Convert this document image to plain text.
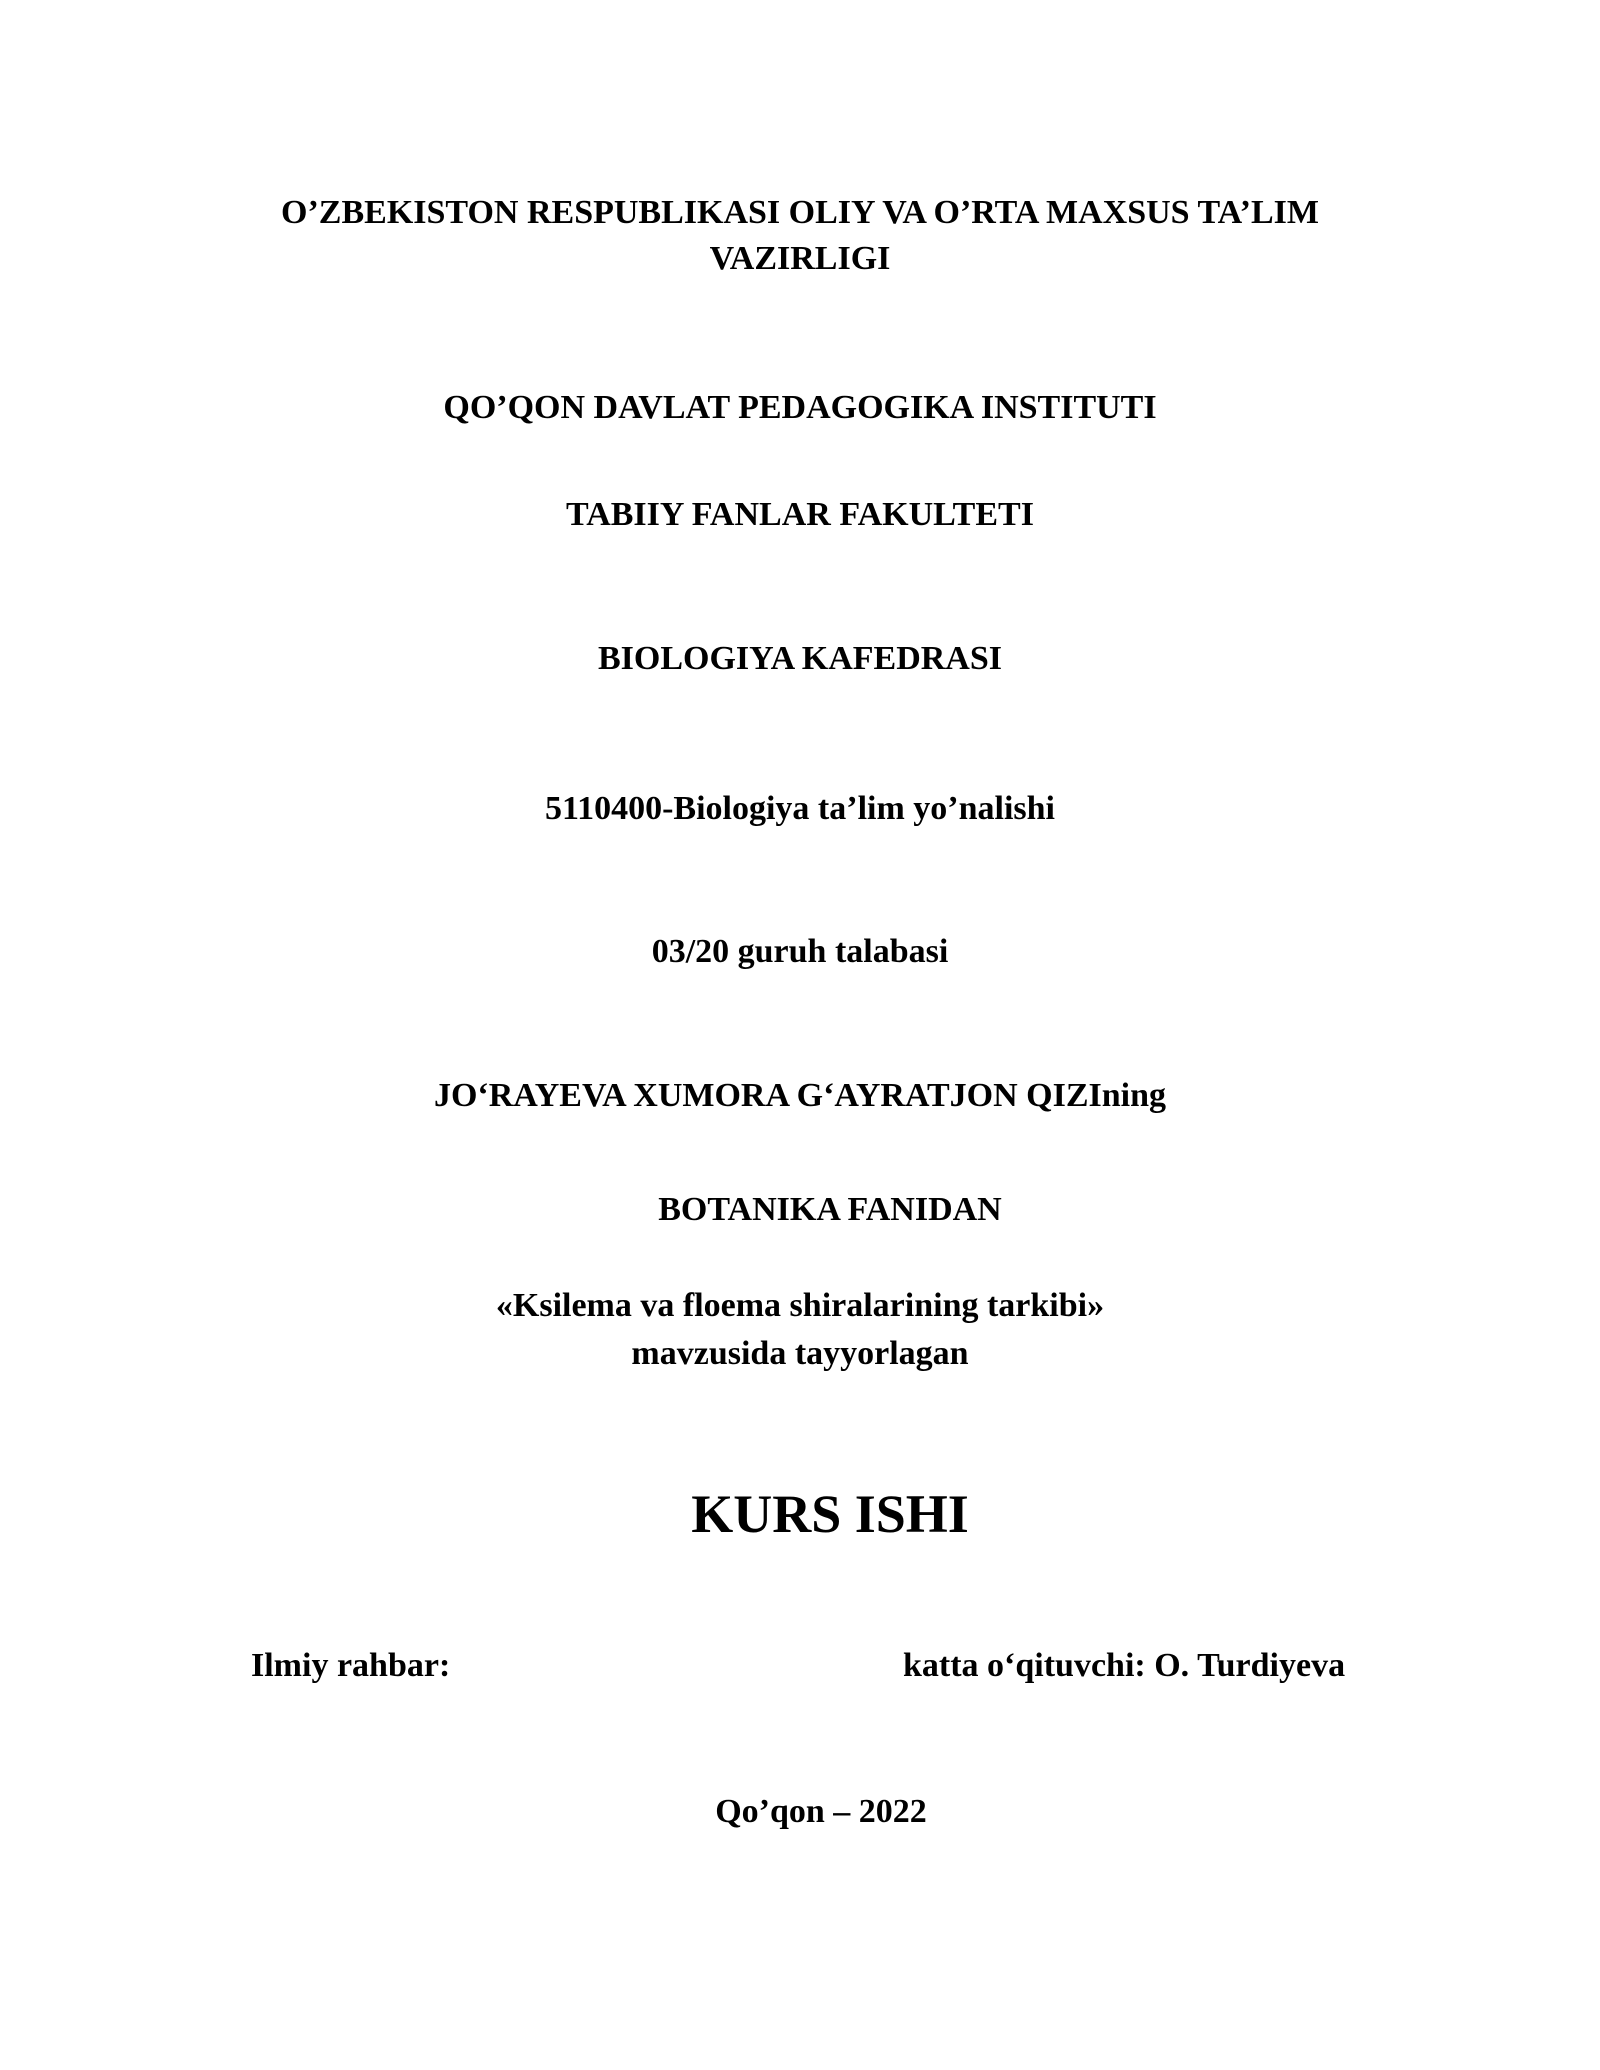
O’ZBEKISTON RESPUBLIKASI OLIY VA O’RTA MAXSUS TA’LIM
VAZIRLIGI
QO’QON DAVLAT PEDAGOGIKA INSTITUTI
TABIIY FANLAR FAKULTETI
BIOLOGIYA KAFEDRASI
5110400-Biologiya ta’lim yo’nalishi
03/20 guruh talabasi
JO‘RAYEVA XUMORA G‘AYRATJON QIZIning
BOTANIKA FANIDAN
«Ksilema va floema shiralarining tarkibi»
mavzusida tayyorlagan
KURS ISHI
Ilmiy rahbar:	katta o‘qituvchi: O. Turdiyeva
Qo’qon – 2022
